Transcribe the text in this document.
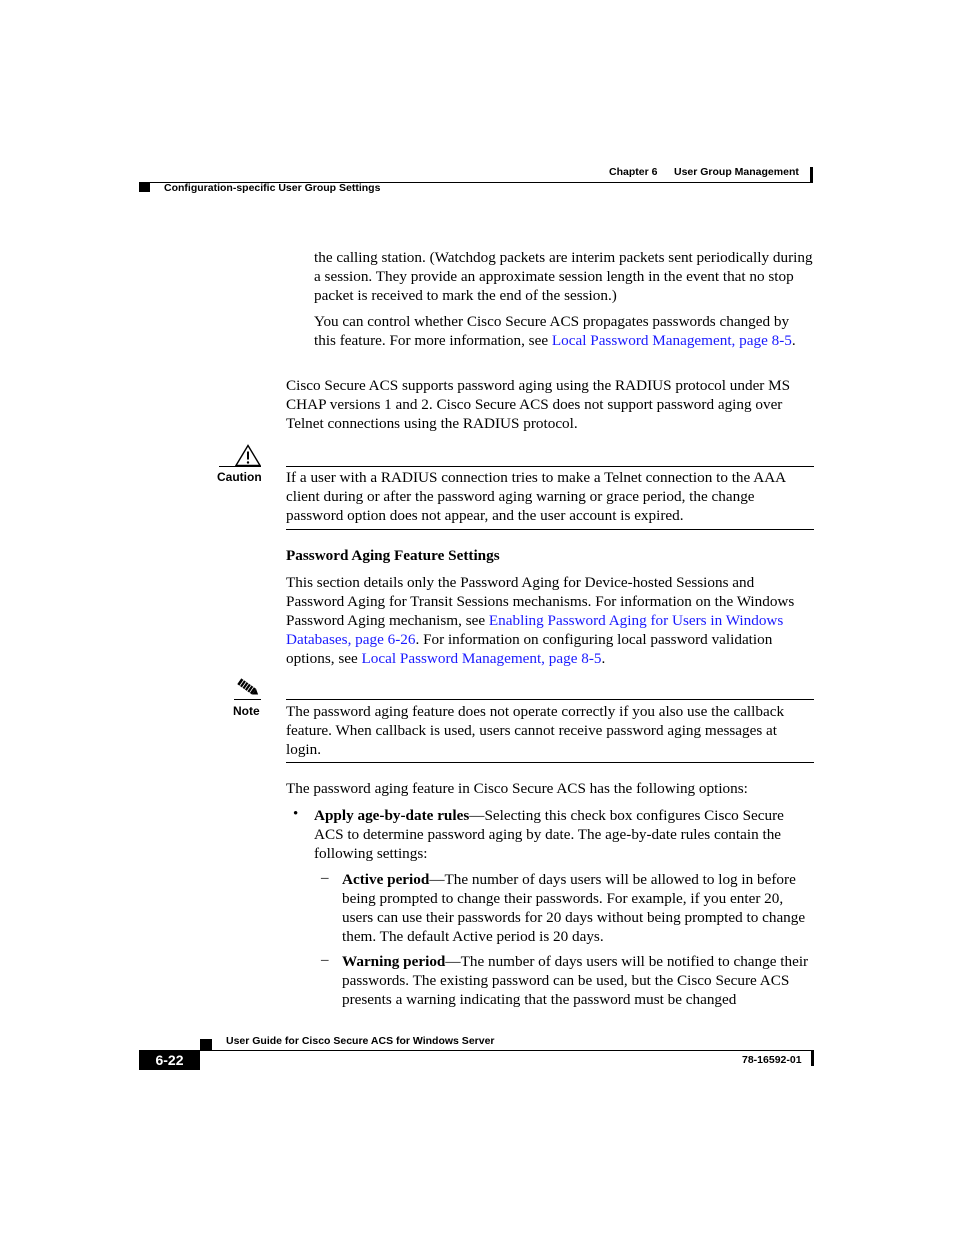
Chapter 6 User Group Management
Configuration-specific User Group Settings

the calling station. (Watchdog packets are interim packets sent periodically during a session. They provide an approximate session length in the event that no stop packet is received to mark the end of the session.)

You can control whether Cisco Secure ACS propagates passwords changed by this feature. For more information, see Local Password Management, page 8-5.

Cisco Secure ACS supports password aging using the RADIUS protocol under MS CHAP versions 1 and 2. Cisco Secure ACS does not support password aging over Telnet connections using the RADIUS protocol.

Caution If a user with a RADIUS connection tries to make a Telnet connection to the AAA client during or after the password aging warning or grace period, the change password option does not appear, and the user account is expired.

Password Aging Feature Settings

This section details only the Password Aging for Device-hosted Sessions and Password Aging for Transit Sessions mechanisms. For information on the Windows Password Aging mechanism, see Enabling Password Aging for Users in Windows Databases, page 6-26. For information on configuring local password validation options, see Local Password Management, page 8-5.

Note The password aging feature does not operate correctly if you also use the callback feature. When callback is used, users cannot receive password aging messages at login.

The password aging feature in Cisco Secure ACS has the following options:

• Apply age-by-date rules—Selecting this check box configures Cisco Secure ACS to determine password aging by date. The age-by-date rules contain the following settings:

– Active period—The number of days users will be allowed to log in before being prompted to change their passwords. For example, if you enter 20, users can use their passwords for 20 days without being prompted to change them. The default Active period is 20 days.

– Warning period—The number of days users will be notified to change their passwords. The existing password can be used, but the Cisco Secure ACS presents a warning indicating that the password must be changed

User Guide for Cisco Secure ACS for Windows Server
6-22	78-16592-01
